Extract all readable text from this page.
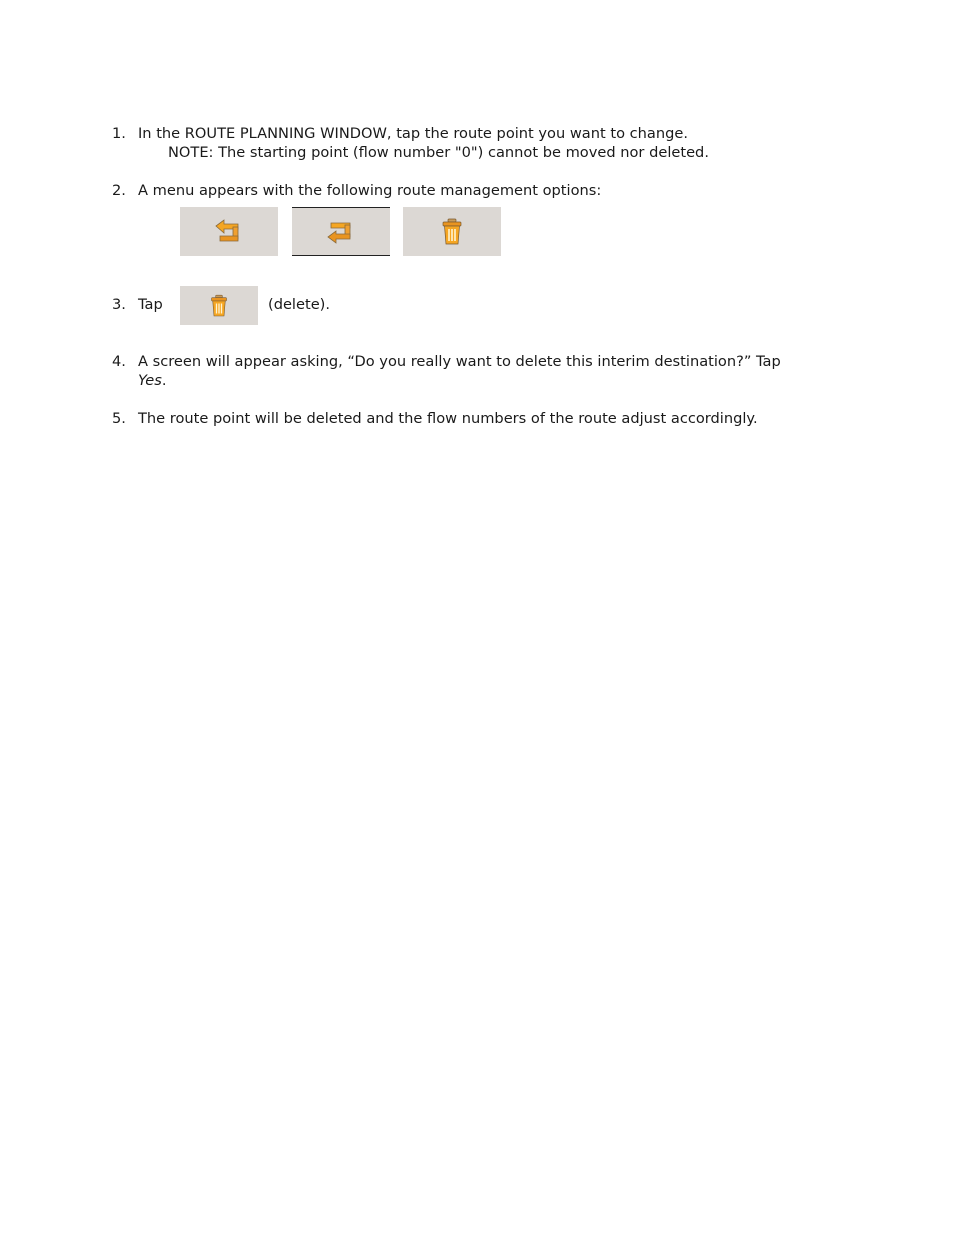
1. In the ROUTE PLANNING WINDOW, tap the route point you want to change.
NOTE: The starting point (flow number "0") cannot be moved nor deleted.
2. A menu appears with the following route management options:
3. Tap	(delete).
4. A screen will appear asking, “Do you really want to delete this interim destination?” Tap
Yes.
5. The route point will be deleted and the flow numbers of the route adjust accordingly.
